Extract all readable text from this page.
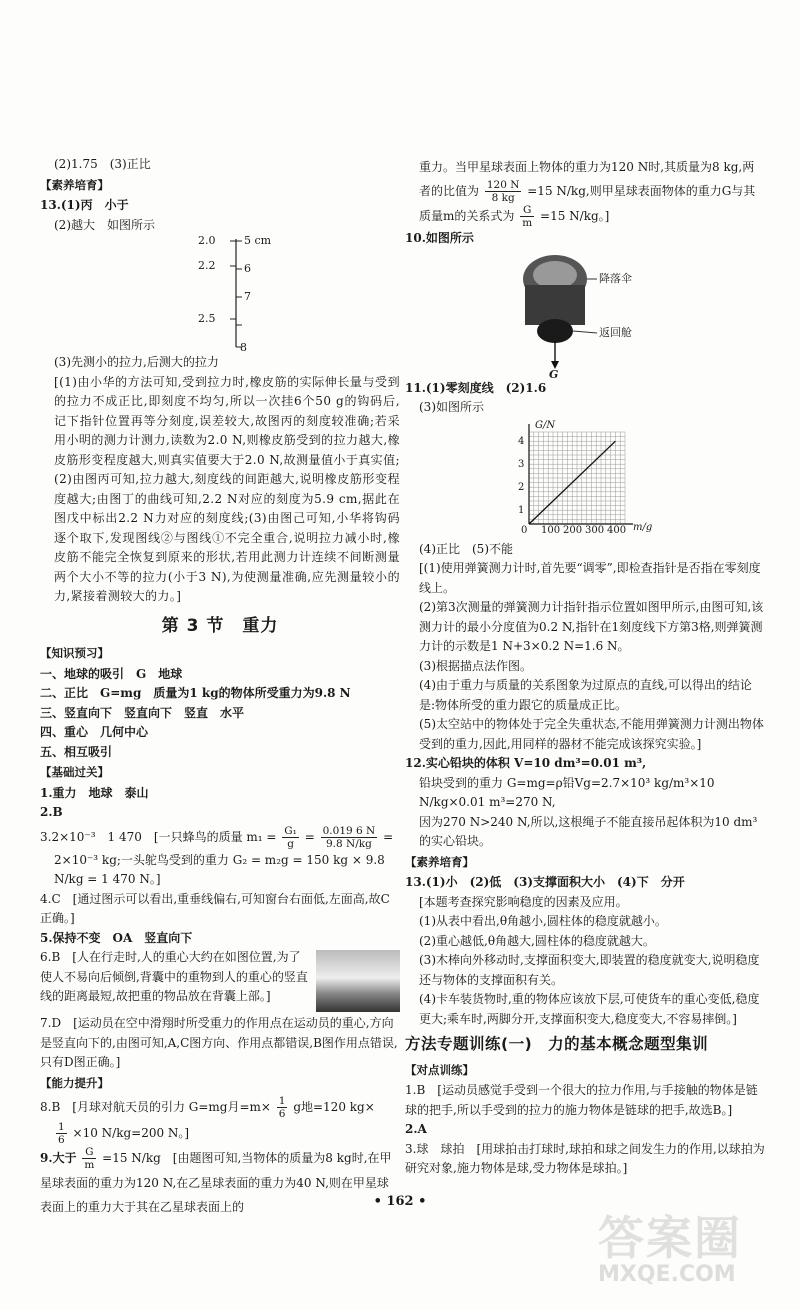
(2)1.75　(3)正比

【素养培育】

13.(1)丙　小于

(2)越大　如图所示

2.0
2.2
2.5
5 cm
6
7
8

(3)先测小的拉力,后测大的拉力

[(1)由小华的方法可知,受到拉力时,橡皮筋的实际伸长量与受到的拉力不成正比,即刻度不均匀,所以一次挂6个50 g的钩码后,记下指针位置再等分刻度,误差较大,故图丙的刻度较准确;若采用小明的测力计测力,读数为2.0 N,则橡皮筋受到的拉力越大,橡皮筋形变程度越大,则真实值要大于2.0 N,故测量值小于真实值;(2)由图丙可知,拉力越大,刻度线的间距越大,说明橡皮筋形变程度越大;由图丁的曲线可知,2.2 N对应的刻度为5.9 cm,据此在图戊中标出2.2 N力对应的刻度线;(3)由图己可知,小华将钩码逐个取下,发现图线②与图线①不完全重合,说明拉力减小时,橡皮筋不能完全恢复到原来的形状,若用此测力计连续不间断测量两个大小不等的拉力(小于3 N),为使测量准确,应先测量较小的力,紧接着测较大的力。]

第 3 节　重力

【知识预习】

一、地球的吸引　G　地球

二、正比　G=mg　质量为1 kg的物体所受重力为9.8 N

三、竖直向下　竖直向下　竖直　水平

四、重心　几何中心

五、相互吸引

【基础过关】

1.重力　地球　泰山

2.B

3.2×10⁻³　1 470　[一只蜂鸟的质量 $m_1 = \frac{\text{G₁}}{g} = \frac{0.019 6 N}{9.8 N/kg}$ =

2×10⁻³ kg;一头鸵鸟受到的重力 G₂ = m₂g = 150 kg × 9.8 N/kg = 1 470 N。]

4.C　[通过图示可以看出,重垂线偏右,可知窗台右面低,左面高,故C正确。]

5.保持不变　OA　竖直向下

6.B　[人在行走时,人的重心大约在如图位置,为了使人不易向后倾倒,背囊中的重物到人的重心的竖直线的距离最短,故把重的物品放在背囊上部。]

7.D　[运动员在空中滑翔时所受重力的作用点在运动员的重心,方向是竖直向下的,由图可知,A,C图方向、作用点都错误,B图作用点错误,只有D图正确。]

【能力提升】

8.B　[月球对航天员的引力 G=mg月$=m\times \frac{1}{6}$ g地=120 kg×

$\frac{1}{6} \times 10$ N/kg=200 N。]

9.大于 $\frac{G}{m} =15$ N/kg　[由题图可知,当物体的质量为8 kg时,在甲星球表面的重力为120 N,在乙星球表面的重力为40 N,则在甲星球表面上的重力大于其在乙星球表面上的

重力。当甲星球表面上物体的重力为120 N时,其质量为8 kg,两者的比值为 $\frac{120 N}{8 kg} =15$ N/kg,则甲星球表面物体的重力G与其质量m的关系式为 $\frac{G}{m} =15$ N/kg。]

10.如图所示

降落伞
返回舱
G

11.(1)零刻度线　(2)1.6

(3)如图所示

G/N
m/g
1
2
3
4
0 100 200 300 400

(4)正比　(5)不能

[(1)使用弹簧测力计时,首先要“调零”,即检查指针是否指在零刻度线上。

(2)第3次测量的弹簧测力计指针指示位置如图甲所示,由图可知,该测力计的最小分度值为0.2 N,指针在1刻度线下方第3格,则弹簧测力计的示数是1 N+3×0.2 N=1.6 N。

(3)根据描点法作图。

(4)由于重力与质量的关系图象为过原点的直线,可以得出的结论是:物体所受的重力跟它的质量成正比。

(5)太空站中的物体处于完全失重状态,不能用弹簧测力计测出物体受到的重力,因此,用同样的器材不能完成该探究实验。]

12.实心铅块的体积 V=10 dm³=0.01 m³,

铅块受到的重力 G=mg=ρ铅Vg=2.7×10³ kg/m³×10 N/kg×0.01 m³=270 N,

因为270 N>240 N,所以,这根绳子不能直接吊起体积为10 dm³的实心铅块。

【素养培育】

13.(1)小　(2)低　(3)支撑面积大小　(4)下　分开

[本题考查探究影响稳度的因素及应用。

(1)从表中看出,θ角越小,圆柱体的稳度就越小。

(2)重心越低,θ角越大,圆柱体的稳度就越大。

(3)木棒向外移动时,支撑面积变大,即装置的稳度就变大,说明稳度还与物体的支撑面积有关。

(4)卡车装货物时,重的物体应该放下层,可使货车的重心变低,稳度更大;乘车时,两脚分开,支撑面积变大,稳度变大,不容易摔倒。]

方法专题训练(一)　力的基本概念题型集训

【对点训练】

1.B　[运动员感觉手受到一个很大的拉力作用,与手接触的物体是链球的把手,所以手受到的拉力的施力物体是链球的把手,故选B。]

2.A

3.球　球拍　[用球拍击打球时,球拍和球之间发生力的作用,以球拍为研究对象,施力物体是球,受力物体是球拍。]

• 162 •
答案圈
MXQE.COM
